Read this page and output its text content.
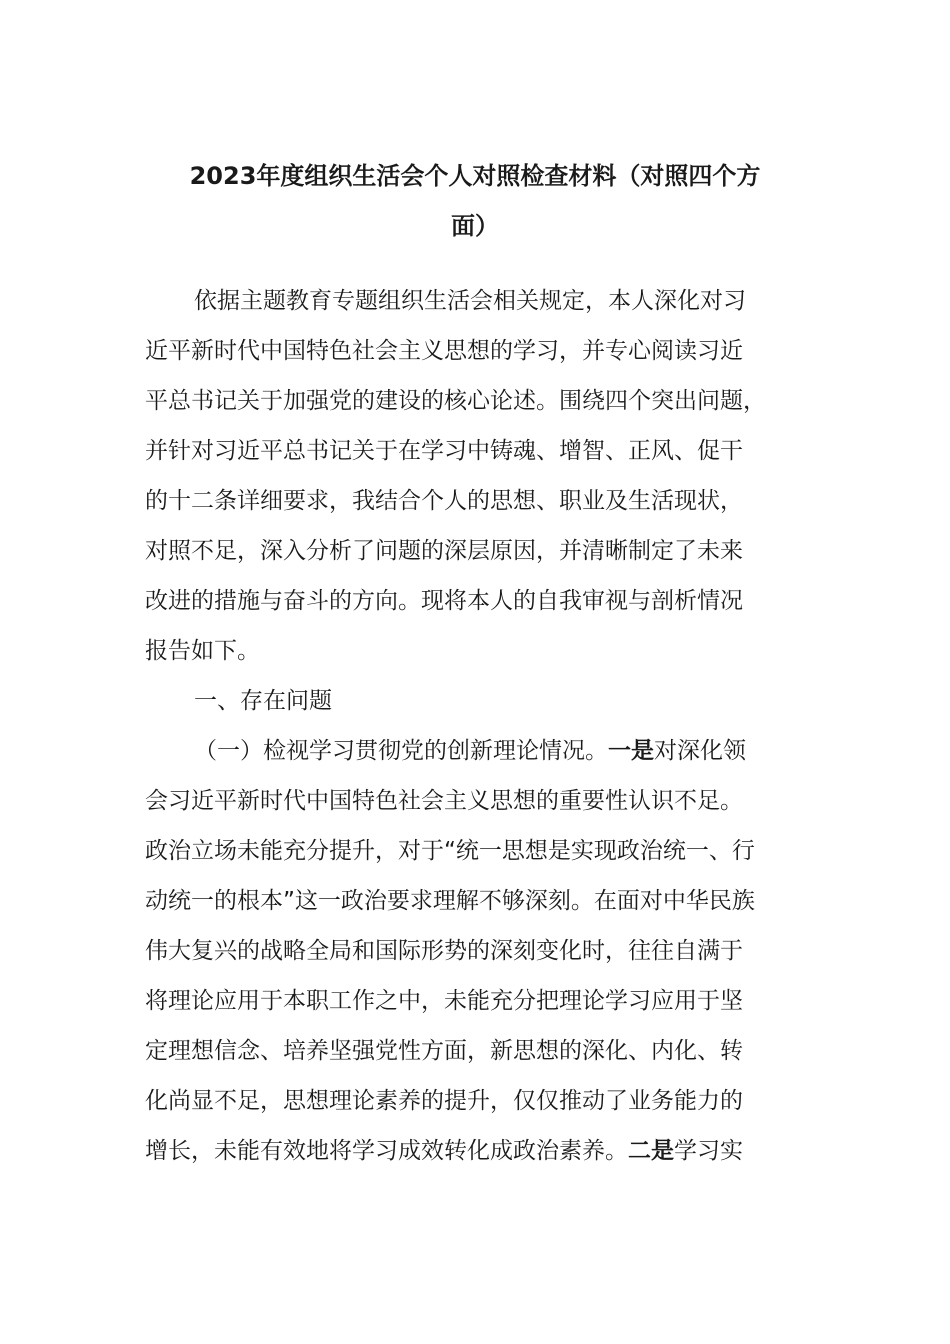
2023年度组织生活会个人对照检查材料（对照四个方
面）
依据主题教育专题组织生活会相关规定，本人深化对习
近平新时代中国特色社会主义思想的学习，并专心阅读习近
平总书记关于加强党的建设的核心论述。围绕四个突出问题，
并针对习近平总书记关于在学习中铸魂、增智、正风、促干
的十二条详细要求，我结合个人的思想、职业及生活现状，
对照不足，深入分析了问题的深层原因，并清晰制定了未来
改进的措施与奋斗的方向。现将本人的自我审视与剖析情况
报告如下。
一、存在问题
（一）检视学习贯彻党的创新理论情况。一是对深化领
会习近平新时代中国特色社会主义思想的重要性认识不足。
政治立场未能充分提升，对于“统一思想是实现政治统一、行
动统一的根本”这一政治要求理解不够深刻。在面对中华民族
伟大复兴的战略全局和国际形势的深刻变化时，往往自满于
将理论应用于本职工作之中，未能充分把理论学习应用于坚
定理想信念、培养坚强党性方面，新思想的深化、内化、转
化尚显不足，思想理论素养的提升，仅仅推动了业务能力的
增长，未能有效地将学习成效转化成政治素养。二是学习实
